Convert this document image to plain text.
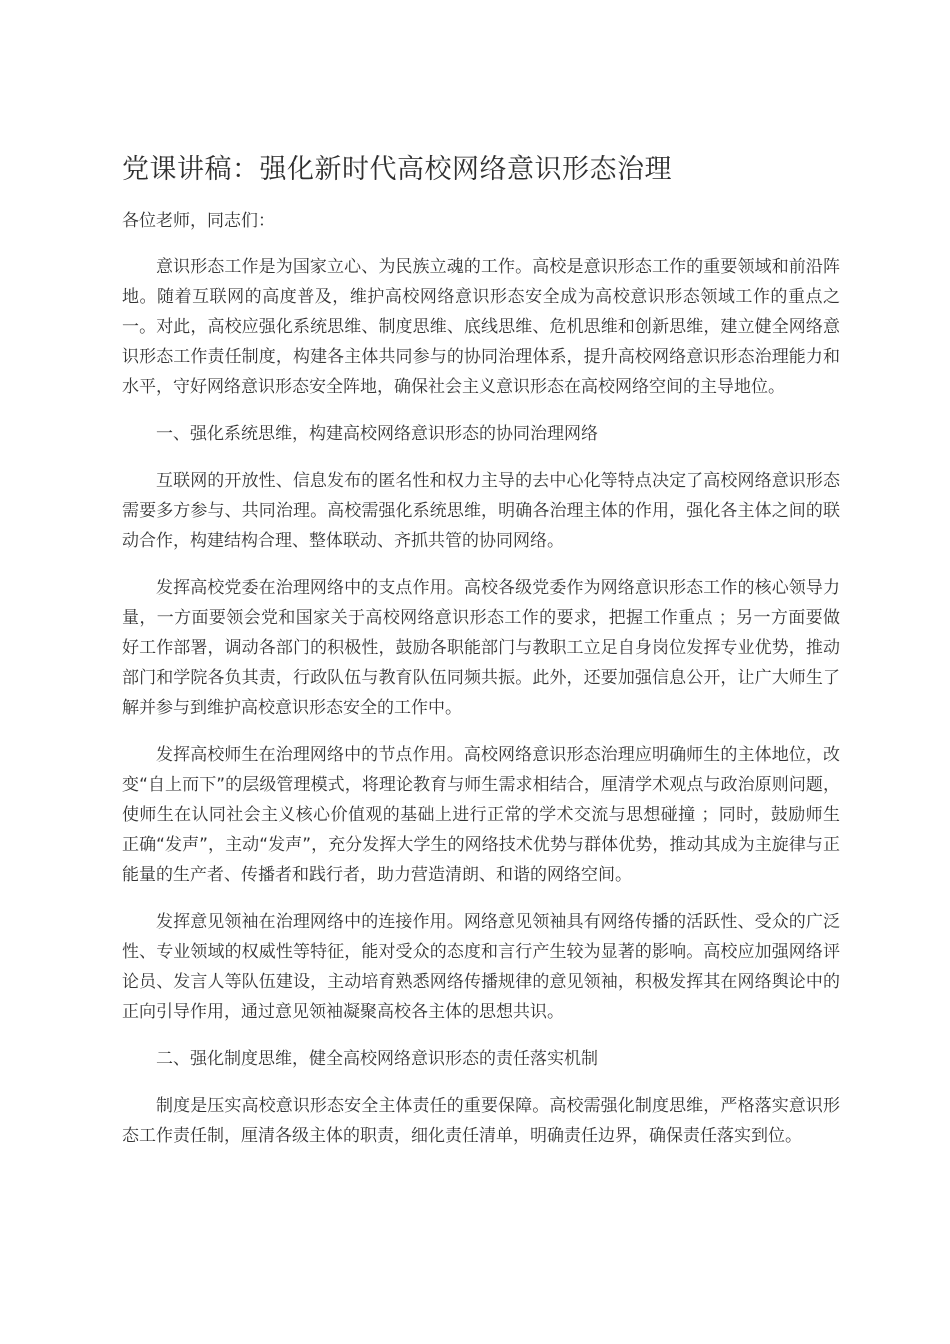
党课讲稿：强化新时代高校网络意识形态治理

各位老师，同志们：

意识形态工作是为国家立心、为民族立魂的工作。高校是意识形态工作的重要领域和前沿阵地。随着互联网的高度普及，维护高校网络意识形态安全成为高校意识形态领域工作的重点之一。对此，高校应强化系统思维、制度思维、底线思维、危机思维和创新思维，建立健全网络意识形态工作责任制度，构建各主体共同参与的协同治理体系，提升高校网络意识形态治理能力和水平，守好网络意识形态安全阵地，确保社会主义意识形态在高校网络空间的主导地位。

一、强化系统思维，构建高校网络意识形态的协同治理网络

互联网的开放性、信息发布的匿名性和权力主导的去中心化等特点决定了高校网络意识形态需要多方参与、共同治理。高校需强化系统思维，明确各治理主体的作用，强化各主体之间的联动合作，构建结构合理、整体联动、齐抓共管的协同网络。

发挥高校党委在治理网络中的支点作用。高校各级党委作为网络意识形态工作的核心领导力量，一方面要领会党和国家关于高校网络意识形态工作的要求，把握工作重点 ；另一方面要做好工作部署，调动各部门的积极性，鼓励各职能部门与教职工立足自身岗位发挥专业优势，推动部门和学院各负其责，行政队伍与教育队伍同频共振。此外，还要加强信息公开，让广大师生了解并参与到维护高校意识形态安全的工作中。

发挥高校师生在治理网络中的节点作用。高校网络意识形态治理应明确师生的主体地位，改变“自上而下”的层级管理模式，将理论教育与师生需求相结合，厘清学术观点与政治原则问题，使师生在认同社会主义核心价值观的基础上进行正常的学术交流与思想碰撞 ；同时，鼓励师生正确“发声”，主动“发声”，充分发挥大学生的网络技术优势与群体优势，推动其成为主旋律与正能量的生产者、传播者和践行者，助力营造清朗、和谐的网络空间。

发挥意见领袖在治理网络中的连接作用。网络意见领袖具有网络传播的活跃性、受众的广泛性、专业领域的权威性等特征，能对受众的态度和言行产生较为显著的影响。高校应加强网络评论员、发言人等队伍建设，主动培育熟悉网络传播规律的意见领袖，积极发挥其在网络舆论中的正向引导作用，通过意见领袖凝聚高校各主体的思想共识。

二、强化制度思维，健全高校网络意识形态的责任落实机制

制度是压实高校意识形态安全主体责任的重要保障。高校需强化制度思维，严格落实意识形态工作责任制，厘清各级主体的职责，细化责任清单，明确责任边界，确保责任落实到位。
